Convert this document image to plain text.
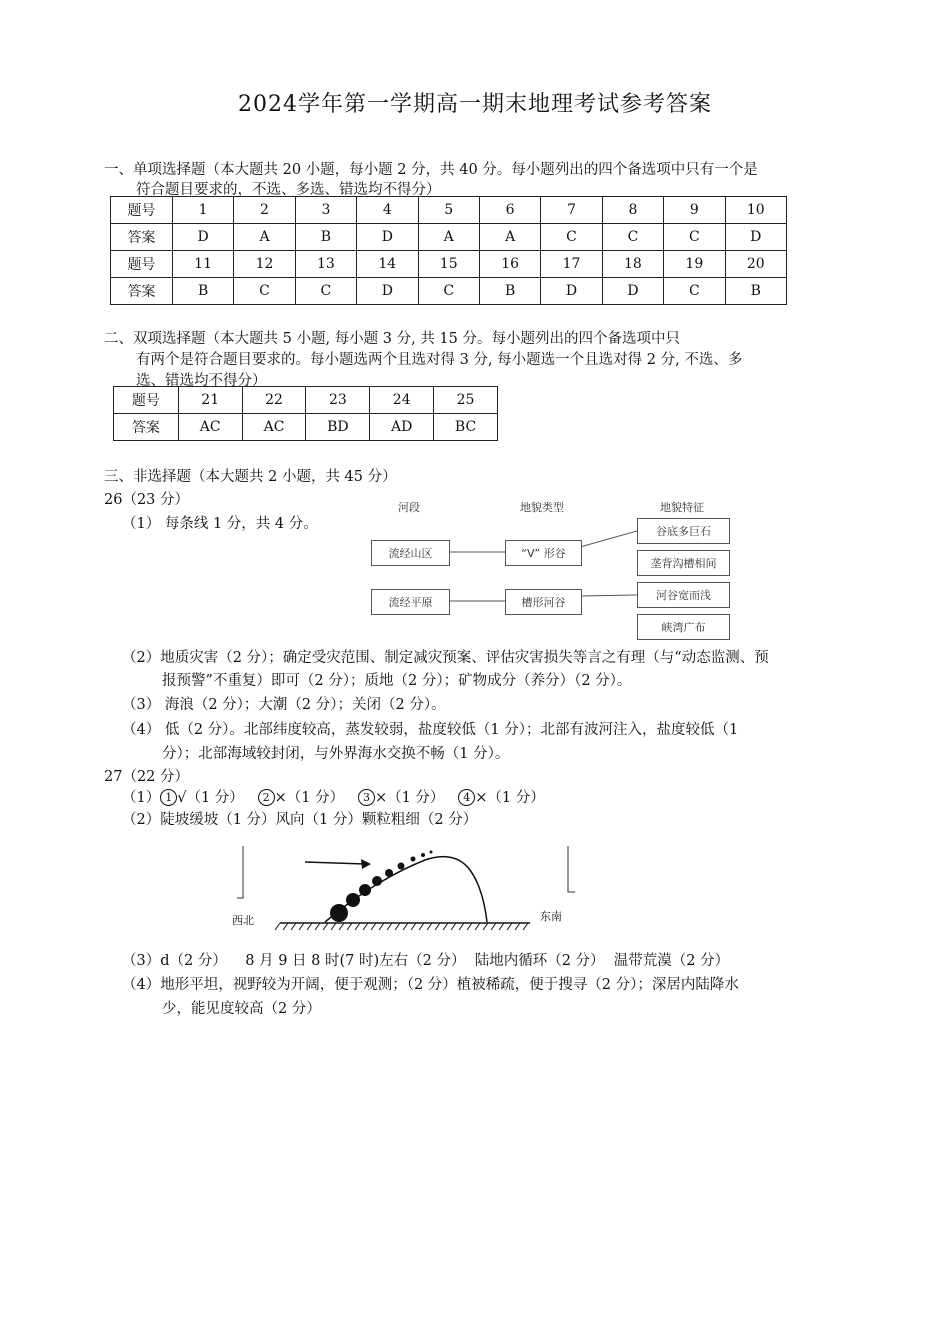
2024学年第一学期高一期末地理考试参考答案
一、单项选择题（本大题共 20 小题，每小题 2 分，共 40 分。每小题列出的四个备选项中只有一个是
符合题目要求的，不选、多选、错选均不得分）
题号	1	2	3	4	5	6	7	8	9	10
答案	D	A	B	D	A	A	C	C	C	D
题号	11	12	13	14	15	16	17	18	19	20
答案	B	C	C	D	C	B	D	D	C	B
二、双项选择题（本大题共 5 小题, 每小题 3 分, 共 15 分。每小题列出的四个备选项中只
有两个是符合题目要求的。每小题选两个且选对得 3 分, 每小题选一个且选对得 2 分, 不选、多
选、错选均不得分）
题号	21	22	23	24	25
答案	AC	AC	BD	AD	BC
三、非选择题（本大题共 2 小题，共 45 分）
26（23 分）
（1） 每条线 1 分，共 4 分。
河段	地貌类型	地貌特征
流经山区
流经平原
“V” 形谷
槽形河谷
谷底多巨石
垄背沟槽相间
河谷宽而浅
峡湾广布
（2）地质灾害（2 分）；确定受灾范围、制定减灾预案、评估灾害损失等言之有理（与“动态监测、预
报预警”不重复）即可（2 分）；质地（2 分）；矿物成分（养分）（2 分）。
（3） 海浪（2 分）；大潮（2 分）；关闭（2 分）。
（4） 低（2 分）。北部纬度较高，蒸发较弱，盐度较低（1 分）；北部有波河注入，盐度较低（1
分）；北部海域较封闭，与外界海水交换不畅（1 分）。
27（22 分）
（1） 1 √（1 分） 2 ×（1 分） 3 ×（1 分） 4 ×（1 分）
（2）陡坡缓坡（1 分）风向（1 分）颗粒粗细（2 分）
西北	东南
（3）d（2 分）    8 月 9 日 8 时(7 时)左右（2 分）  陆地内循环（2 分）  温带荒漠（2 分）
（4）地形平坦，视野较为开阔，便于观测；（2 分）植被稀疏，便于搜寻（2 分）；深居内陆降水
少，能见度较高（2 分）
